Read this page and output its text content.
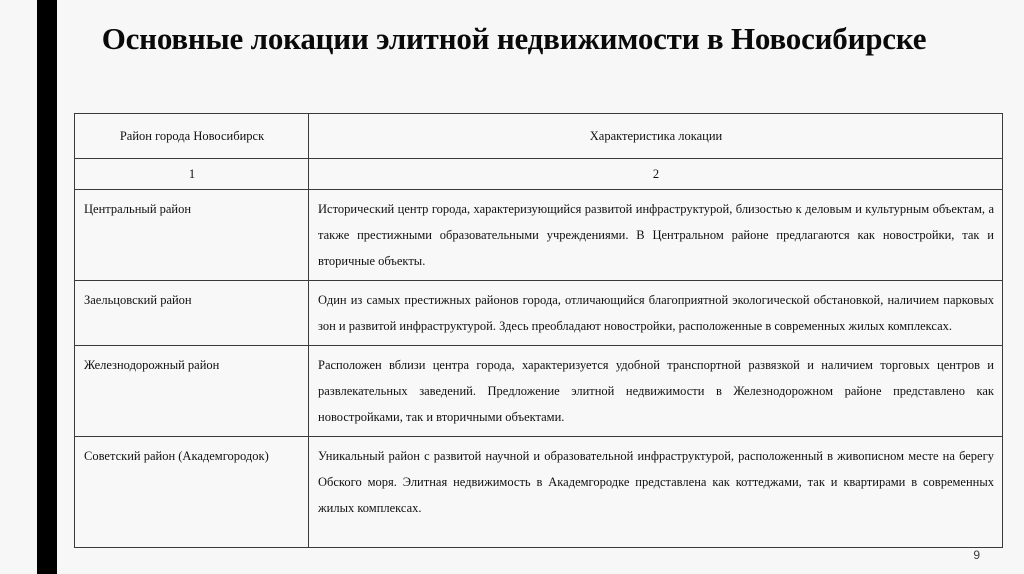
Основные локации элитной недвижимости в Новосибирске
Район города Новосибирск	Характеристика локации
1	2
Центральный район	Исторический центр города, характеризующийся развитой инфраструктурой, близостью к деловым и культурным объектам, а также престижными образовательными учреждениями. В Центральном районе предлагаются как новостройки, так и вторичные объекты.
Заельцовский район	Один из самых престижных районов города, отличающийся благоприятной экологической обстановкой, наличием парковых зон и развитой инфраструктурой. Здесь преобладают новостройки, расположенные в современных жилых комплексах.
Железнодорожный район	Расположен вблизи центра города, характеризуется удобной транспортной развязкой и наличием торговых центров и развлекательных заведений. Предложение элитной недвижимости в Железнодорожном районе представлено как новостройками, так и вторичными объектами.
Советский район (Академгородок)	Уникальный район с развитой научной и образовательной инфраструктурой, расположенный в живописном месте на берегу Обского моря. Элитная недвижимость в Академгородке представлена как коттеджами, так и квартирами в современных жилых комплексах.
9
